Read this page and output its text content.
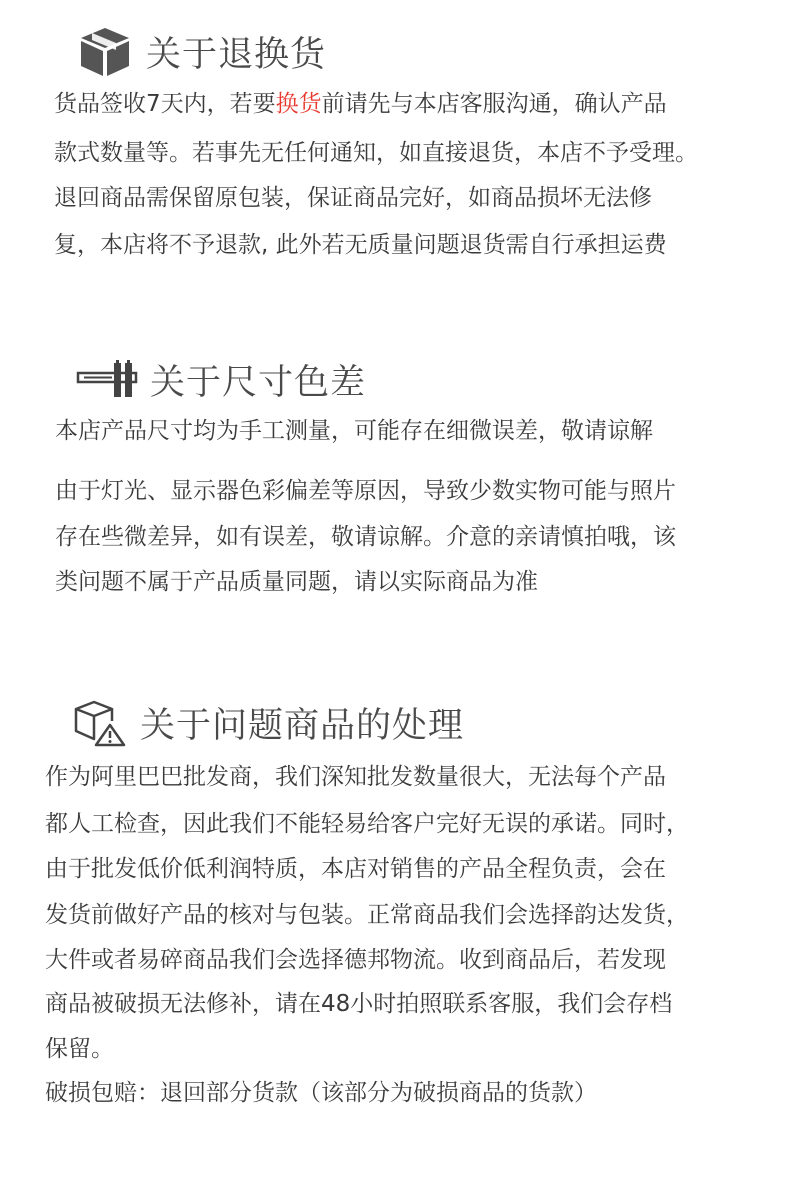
关于退换货

货品签收7天内，若要换货前请先与本店客服沟通，确认产品

款式数量等。若事先无任何通知，如直接退货，本店不予受理。

退回商品需保留原包装，保证商品完好，如商品损坏无法修

复，本店将不予退款, 此外若无质量问题退货需自行承担运费

关于尺寸色差

本店产品尺寸均为手工测量，可能存在细微误差，敬请谅解

由于灯光、显示器色彩偏差等原因，导致少数实物可能与照片

存在些微差异，如有误差，敬请谅解。介意的亲请慎拍哦，该

类问题不属于产品质量同题，请以实际商品为准

关于问题商品的处理

作为阿里巴巴批发商，我们深知批发数量很大，无法每个产品

都人工检查，因此我们不能轻易给客户完好无误的承诺。同时，

由于批发低价低利润特质，本店对销售的产品全程负责，会在

发货前做好产品的核对与包装。正常商品我们会选择韵达发货，

大件或者易碎商品我们会选择德邦物流。收到商品后，若发现

商品被破损无法修补，请在48小时拍照联系客服，我们会存档

保留。

破损包赔：退回部分货款（该部分为破损商品的货款）
